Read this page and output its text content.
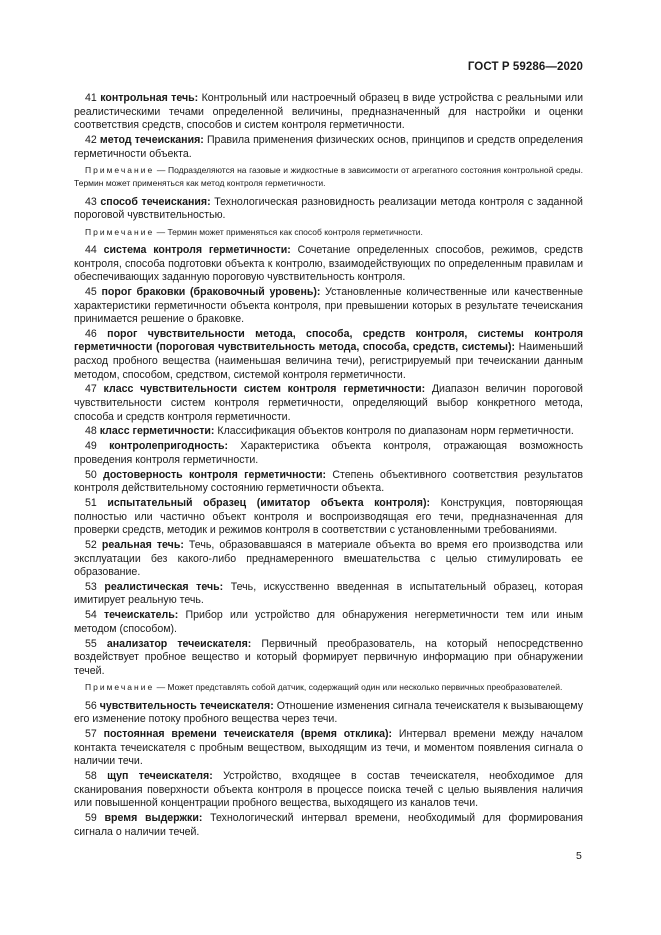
ГОСТ Р 59286—2020

41 контрольная течь: Контрольный или настроечный образец в виде устройства с реальными или реалистическими течами определенной величины, предназначенный для настройки и оценки соответствия средств, способов и систем контроля герметичности.

42 метод течеискания: Правила применения физических основ, принципов и средств определения герметичности объекта.

Примечание — Подразделяются на газовые и жидкостные в зависимости от агрегатного состояния контрольной среды. Термин может применяться как метод контроля герметичности.

43 способ течеискания: Технологическая разновидность реализации метода контроля с заданной пороговой чувствительностью.

Примечание — Термин может применяться как способ контроля герметичности.

44 система контроля герметичности: Сочетание определенных способов, режимов, средств контроля, способа подготовки объекта к контролю, взаимодействующих по определенным правилам и обеспечивающих заданную пороговую чувствительность контроля.

45 порог браковки (браковочный уровень): Установленные количественные или качественные характеристики герметичности объекта контроля, при превышении которых в результате течеискания принимается решение о браковке.

46 порог чувствительности метода, способа, средств контроля, системы контроля герметичности (пороговая чувствительность метода, способа, средств, системы): Наименьший расход пробного вещества (наименьшая величина течи), регистрируемый при течеискании данным методом, способом, средством, системой контроля герметичности.

47 класс чувствительности систем контроля герметичности: Диапазон величин пороговой чувствительности систем контроля герметичности, определяющий выбор конкретного метода, способа и средств контроля герметичности.

48 класс герметичности: Классификация объектов контроля по диапазонам норм герметичности.

49 контролепригодность: Характеристика объекта контроля, отражающая возможность проведения контроля герметичности.

50 достоверность контроля герметичности: Степень объективного соответствия результатов контроля действительному состоянию герметичности объекта.

51 испытательный образец (имитатор объекта контроля): Конструкция, повторяющая полностью или частично объект контроля и воспроизводящая его течи, предназначенная для проверки средств, методик и режимов контроля в соответствии с установленными требованиями.

52 реальная течь: Течь, образовавшаяся в материале объекта во время его производства или эксплуатации без какого-либо преднамеренного вмешательства с целью стимулировать ее образование.

53 реалистическая течь: Течь, искусственно введенная в испытательный образец, которая имитирует реальную течь.

54 течеискатель: Прибор или устройство для обнаружения негерметичности тем или иным методом (способом).

55 анализатор течеискателя: Первичный преобразователь, на который непосредственно воздействует пробное вещество и который формирует первичную информацию при обнаружении течей.

Примечание — Может представлять собой датчик, содержащий один или несколько первичных преобразователей.

56 чувствительность течеискателя: Отношение изменения сигнала течеискателя к вызывающему его изменение потоку пробного вещества через течи.

57 постоянная времени течеискателя (время отклика): Интервал времени между началом контакта течеискателя с пробным веществом, выходящим из течи, и моментом появления сигнала о наличии течи.

58 щуп течеискателя: Устройство, входящее в состав течеискателя, необходимое для сканирования поверхности объекта контроля в процессе поиска течей с целью выявления наличия или повышенной концентрации пробного вещества, выходящего из каналов течи.

59 время выдержки: Технологический интервал времени, необходимый для формирования сигнала о наличии течей.

5
